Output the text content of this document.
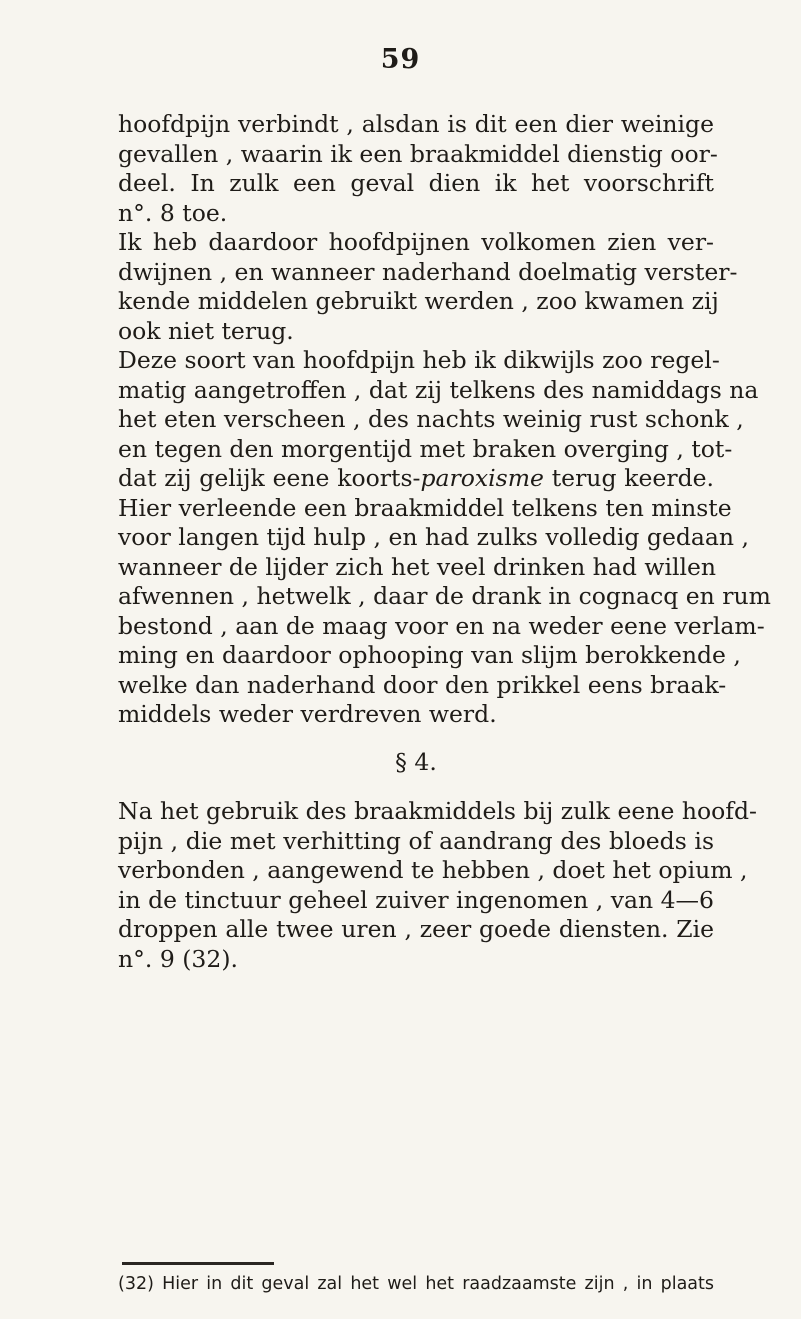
59
hoofdpijn verbindt , alsdan is dit een dier weinige
gevallen , waarin ik een braakmiddel dienstig oor-
deel. In zulk een geval dien ik het voorschrift
n°. 8 toe.
Ik heb daardoor hoofdpijnen volkomen zien ver-
dwijnen , en wanneer naderhand doelmatig verster-
kende middelen gebruikt werden , zoo kwamen zij
ook niet terug.
Deze soort van hoofdpijn heb ik dikwijls zoo regel-
matig aangetroffen , dat zij telkens des namiddags na
het eten verscheen , des nachts weinig rust schonk ,
en tegen den morgentijd met braken overging , tot-
dat zij gelijk eene koorts-paroxisme terug keerde.
Hier verleende een braakmiddel telkens ten minste
voor langen tijd hulp , en had zulks volledig gedaan ,
wanneer de lijder zich het veel drinken had willen
afwennen , hetwelk , daar de drank in cognacq en rum
bestond , aan de maag voor en na weder eene verlam-
ming en daardoor ophooping van slijm berokkende ,
welke dan naderhand door den prikkel eens braak-
middels weder verdreven werd.
§ 4.
Na het gebruik des braakmiddels bij zulk eene hoofd-
pijn , die met verhitting of aandrang des bloeds is
verbonden , aangewend te hebben , doet het opium ,
in de tinctuur geheel zuiver ingenomen , van 4—6
droppen alle twee uren , zeer goede diensten. Zie
n°. 9 (32).
(32) Hier in dit geval zal het wel het raadzaamste zijn , in plaats
